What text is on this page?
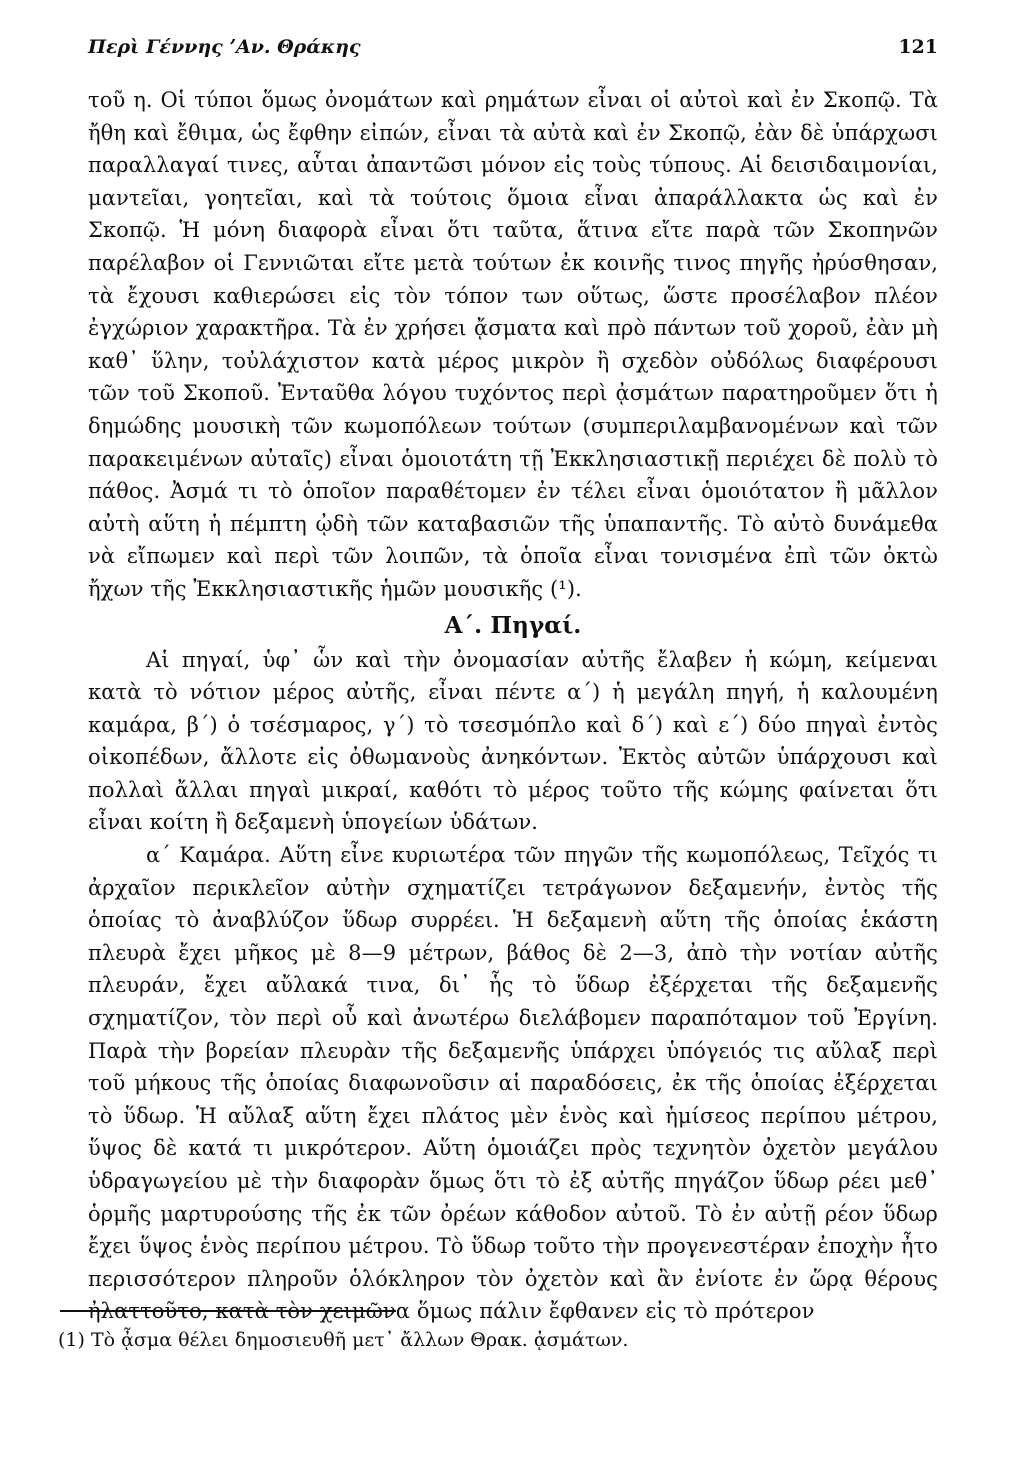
Περὶ Γέννης ʼΑν. Θράκης	121

τοῦ η. Οἱ τύποι ὅμως ὀνομάτων καὶ ρημάτων εἶναι οἱ αὐτοὶ καὶ ἐν Σκοπῷ. Τὰ ἤθη καὶ ἔθιμα, ὡς ἔφθην εἰπών, εἶναι τὰ αὐτὰ καὶ ἐν Σκοπῷ, ἐὰν δὲ ὑπάρχωσι παραλλαγαί τινες, αὗται ἀπαντῶσι μόνον εἰς τοὺς τύπους. Αἱ δεισιδαιμονίαι, μαντεῖαι, γοητεῖαι, καὶ τὰ τούτοις ὅμοια εἶναι ἀπαράλλακτα ὡς καὶ ἐν Σκοπῷ. Ἡ μόνη διαφορὰ εἶναι ὅτι ταῦτα, ἅτινα εἴτε παρὰ τῶν Σκοπηνῶν παρέλαβον οἱ Γεννιῶται εἴτε μετὰ τούτων ἐκ κοινῆς τινος πηγῆς ἠρύσθησαν, τὰ ἔχουσι καθιερώσει εἰς τὸν τόπον των οὕτως, ὥστε προσέλαβον πλέον ἐγχώριον χαρακτῆρα. Τὰ ἐν χρήσει ᾄσματα καὶ πρὸ πάντων τοῦ χοροῦ, ἐὰν μὴ καθ᾽ ὕλην, τοὐλάχιστον κατὰ μέρος μικρὸν ἢ σχεδὸν οὐδόλως διαφέρουσι τῶν τοῦ Σκοποῦ. Ἐνταῦθα λόγου τυχόντος περὶ ᾀσμάτων παρατηροῦμεν ὅτι ἡ δημώδης μουσικὴ τῶν κωμοπόλεων τούτων (συμπεριλαμβανομένων καὶ τῶν παρακειμένων αὐταῖς) εἶναι ὁμοιοτάτη τῇ Ἐκκλησιαστικῇ περιέχει δὲ πολὺ τὸ πάθος. Ἀσμά τι τὸ ὁποῖον παραθέτομεν ἐν τέλει εἶναι ὁμοιότατον ἢ μᾶλλον αὐτὴ αὕτη ἡ πέμπτη ᾠδὴ τῶν καταβασιῶν τῆς ὑπαπαντῆς. Τὸ αὐτὸ δυνάμεθα νὰ εἴπωμεν καὶ περὶ τῶν λοιπῶν, τὰ ὁποῖα εἶναι τονισμένα ἐπὶ τῶν ὀκτὼ ἤχων τῆς Ἐκκλησιαστικῆς ἡμῶν μουσικῆς (¹).

Α΄. Πηγαί.

Αἱ πηγαί, ὑφ᾽ ὧν καὶ τὴν ὀνομασίαν αὐτῆς ἔλαβεν ἡ κώμη, κείμεναι κατὰ τὸ νότιον μέρος αὐτῆς, εἶναι πέντε α΄) ἡ μεγάλη πηγή, ἡ καλουμένη καμάρα, β΄) ὁ τσέσμαρος, γ΄) τὸ τσεσμόπλο καὶ δ΄) καὶ ε΄) δύο πηγαὶ ἐντὸς οἰκοπέδων, ἄλλοτε εἰς ὀθωμανοὺς ἀνηκόντων. Ἐκτὸς αὐτῶν ὑπάρχουσι καὶ πολλαὶ ἄλλαι πηγαὶ μικραί, καθότι τὸ μέρος τοῦτο τῆς κώμης φαίνεται ὅτι εἶναι κοίτη ἢ δεξαμενὴ ὑπογείων ὑδάτων.

α΄ Καμάρα. Αὕτη εἶνε κυριωτέρα τῶν πηγῶν τῆς κωμοπόλεως, Τεῖχός τι ἀρχαῖον περικλεῖον αὐτὴν σχηματίζει τετράγωνον δεξαμενήν, ἐντὸς τῆς ὁποίας τὸ ἀναβλύζον ὕδωρ συρρέει. Ἡ δεξαμενὴ αὕτη τῆς ὁποίας ἑκάστη πλευρὰ ἔχει μῆκος μὲ 8—9 μέτρων, βάθος δὲ 2—3, ἀπὸ τὴν νοτίαν αὐτῆς πλευράν, ἔχει αὔλακά τινα, δι᾽ ἧς τὸ ὕδωρ ἐξέρχεται τῆς δεξαμενῆς σχηματίζον, τὸν περὶ οὗ καὶ ἀνωτέρω διελάβομεν παραπόταμον τοῦ Ἐργίνη. Παρὰ τὴν βορείαν πλευρὰν τῆς δεξαμενῆς ὑπάρχει ὑπόγειός τις αὔλαξ περὶ τοῦ μήκους τῆς ὁποίας διαφωνοῦσιν αἱ παραδόσεις, ἐκ τῆς ὁποίας ἐξέρχεται τὸ ὕδωρ. Ἡ αὔλαξ αὕτη ἔχει πλάτος μὲν ἑνὸς καὶ ἡμίσεος περίπου μέτρου, ὕψος δὲ κατά τι μικρότερον. Αὕτη ὁμοιάζει πρὸς τεχνητὸν ὀχετὸν μεγάλου ὑδραγωγείου μὲ τὴν διαφορὰν ὅμως ὅτι τὸ ἐξ αὐτῆς πηγάζον ὕδωρ ρέει μεθ᾽ ὁρμῆς μαρτυρούσης τῆς ἐκ τῶν ὀρέων κάθοδον αὐτοῦ. Τὸ ἐν αὐτῇ ρέον ὕδωρ ἔχει ὕψος ἑνὸς περίπου μέτρου. Τὸ ὕδωρ τοῦτο τὴν προγενεστέραν ἐποχὴν ἦτο περισσότερον πληροῦν ὁλόκληρον τὸν ὀχετὸν καὶ ἂν ἐνίοτε ἐν ὥρᾳ θέρους ἠλαττοῦτο, κατὰ τὸν χειμῶνα ὅμως πάλιν ἔφθανεν εἰς τὸ πρότερον

(1) Τὸ ᾆσμα θέλει δημοσιευθῆ μετ᾽ ἄλλων Θρακ. ᾀσμάτων.
